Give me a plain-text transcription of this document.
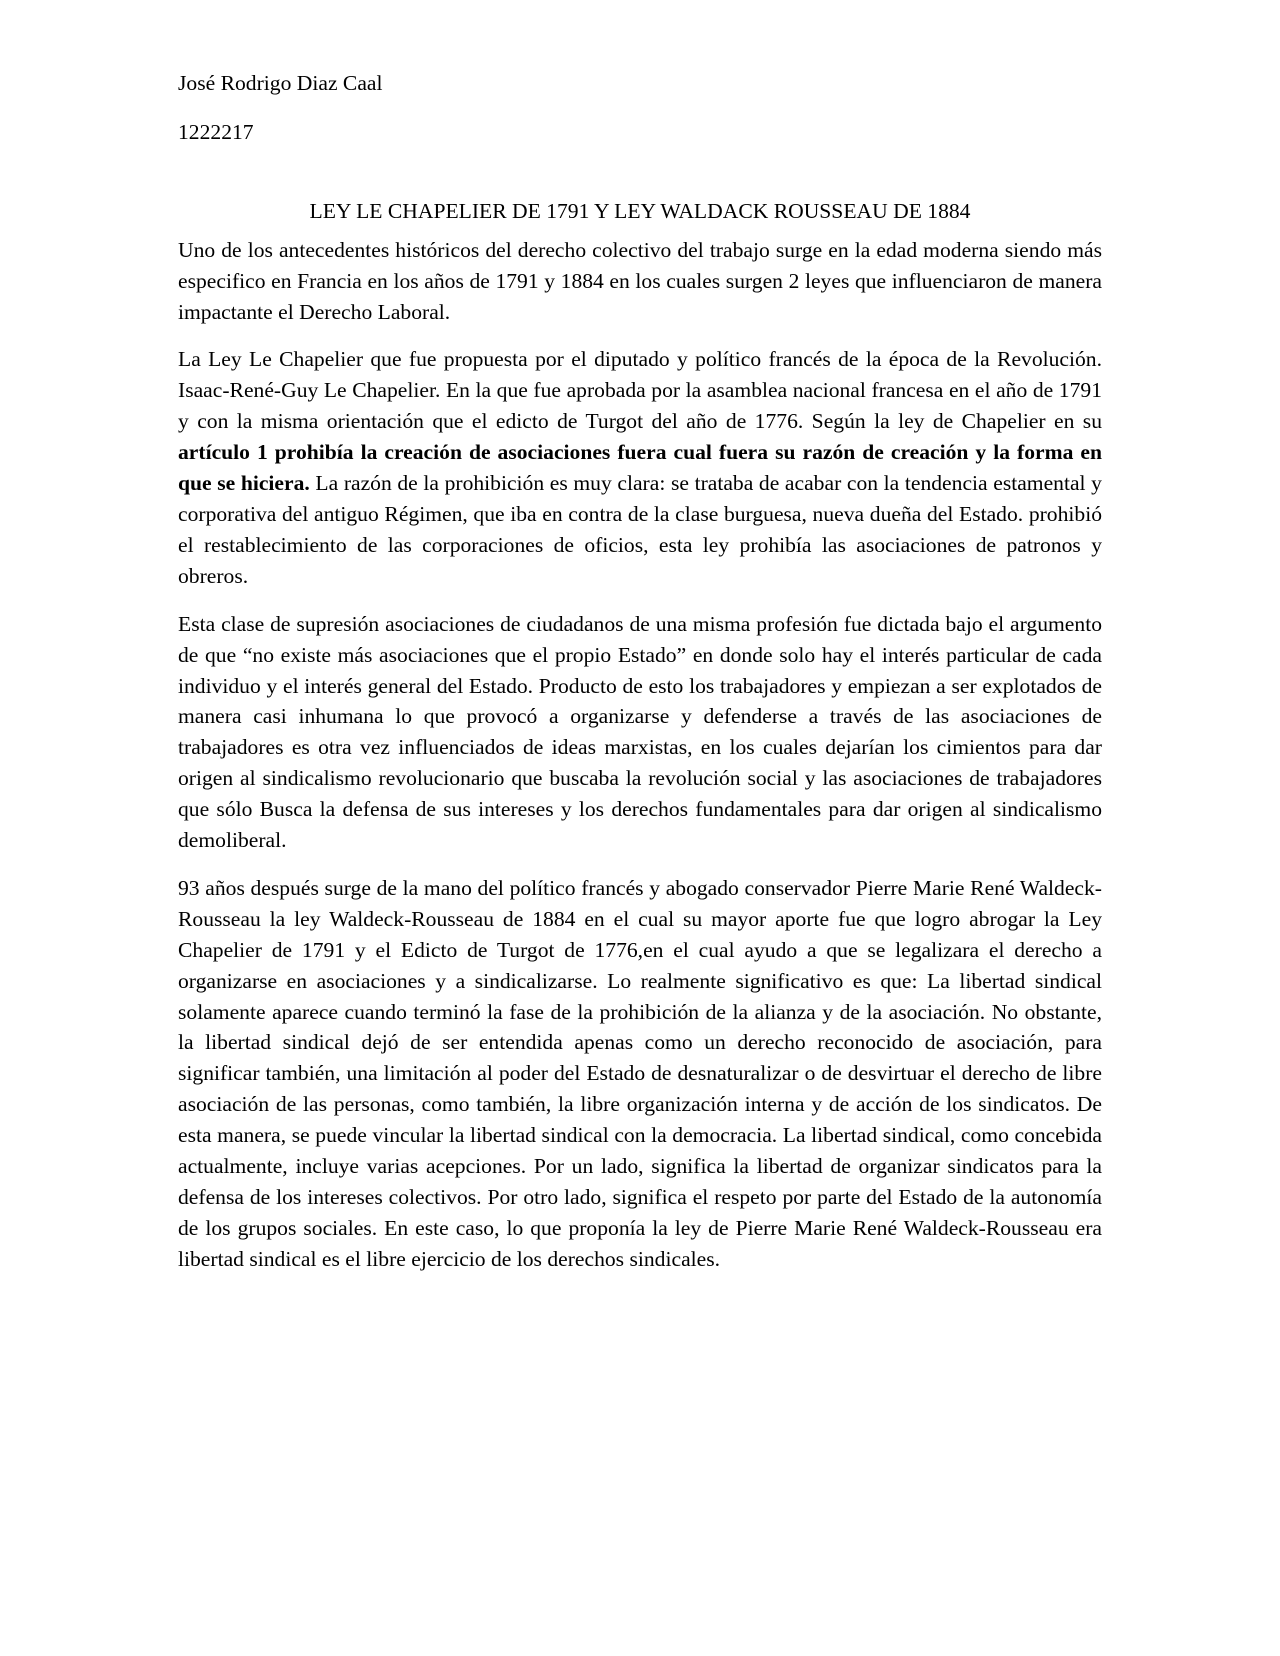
José Rodrigo Diaz Caal

1222217

LEY LE CHAPELIER DE 1791 Y LEY WALDACK ROUSSEAU DE 1884

Uno de los antecedentes históricos del derecho colectivo del trabajo surge en la edad moderna siendo más especifico en Francia en los años de 1791 y 1884 en los cuales surgen 2 leyes que influenciaron de manera impactante el Derecho Laboral.

La Ley Le Chapelier que fue propuesta por el diputado y político francés de la época de la Revolución. Isaac-René-Guy Le Chapelier. En la que fue aprobada por la asamblea nacional francesa en el año de 1791 y con la misma orientación que el edicto de Turgot del año de 1776. Según la ley de Chapelier en su artículo 1 prohibía la creación de asociaciones fuera cual fuera su razón de creación y la forma en que se hiciera. La razón de la prohibición es muy clara: se trataba de acabar con la tendencia estamental y corporativa del antiguo Régimen, que iba en contra de la clase burguesa, nueva dueña del Estado. prohibió el restablecimiento de las corporaciones de oficios, esta ley prohibía las asociaciones de patronos y obreros.

Esta clase de supresión asociaciones de ciudadanos de una misma profesión fue dictada bajo el argumento de que “no existe más asociaciones que el propio Estado” en donde solo hay el interés particular de cada individuo y el interés general del Estado. Producto de esto los trabajadores y empiezan a ser explotados de manera casi inhumana lo que provocó a organizarse y defenderse a través de las asociaciones de trabajadores es otra vez influenciados de ideas marxistas, en los cuales dejarían los cimientos para dar origen al sindicalismo revolucionario que buscaba la revolución social y las asociaciones de trabajadores que sólo Busca la defensa de sus intereses y los derechos fundamentales para dar origen al sindicalismo demoliberal.

93 años después surge de la mano del político francés y abogado conservador Pierre Marie René Waldeck-Rousseau la ley Waldeck-Rousseau de 1884 en el cual su mayor aporte fue que logro abrogar la Ley Chapelier de 1791 y el Edicto de Turgot de 1776,en el cual ayudo a que se legalizara el derecho a organizarse en asociaciones y a sindicalizarse. Lo realmente significativo es que: La libertad sindical solamente aparece cuando terminó la fase de la prohibición de la alianza y de la asociación. No obstante, la libertad sindical dejó de ser entendida apenas como un derecho reconocido de asociación, para significar también, una limitación al poder del Estado de desnaturalizar o de desvirtuar el derecho de libre asociación de las personas, como también, la libre organización interna y de acción de los sindicatos. De esta manera, se puede vincular la libertad sindical con la democracia. La libertad sindical, como concebida actualmente, incluye varias acepciones. Por un lado, significa la libertad de organizar sindicatos para la defensa de los intereses colectivos. Por otro lado, significa el respeto por parte del Estado de la autonomía de los grupos sociales. En este caso, lo que proponía la ley de Pierre Marie René Waldeck-Rousseau era libertad sindical es el libre ejercicio de los derechos sindicales.
